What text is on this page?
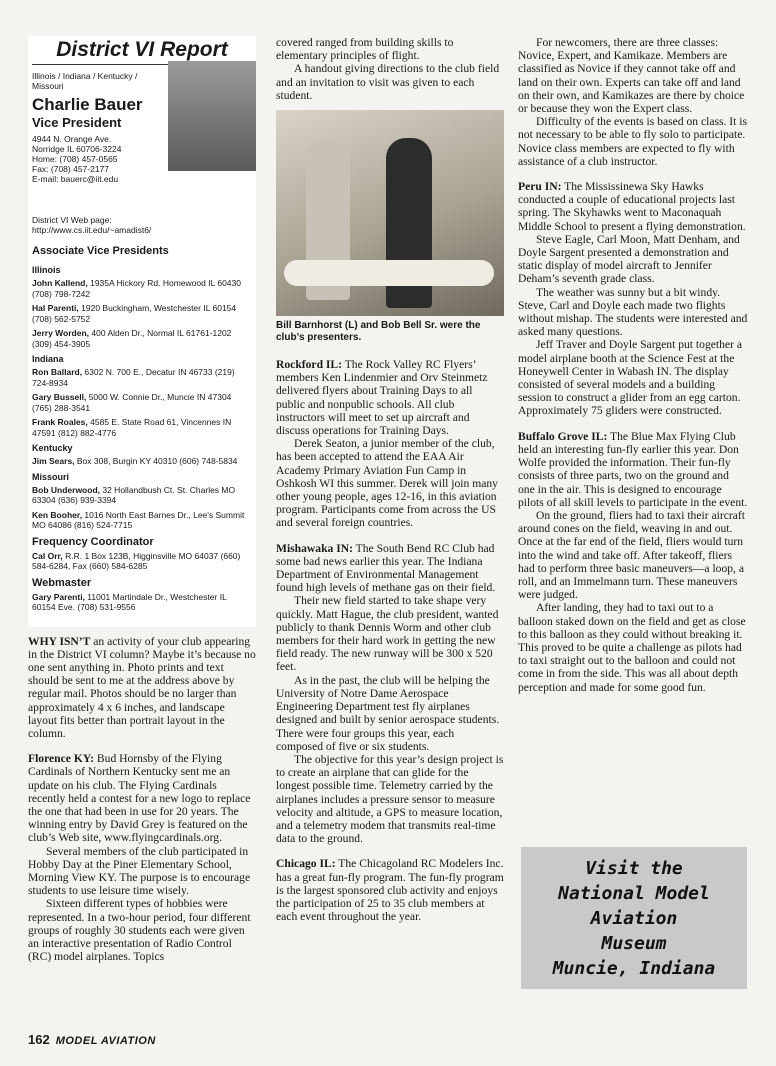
District VI Report
Illinois / Indiana / Kentucky / Missouri
Charlie Bauer
Vice President
4944 N. Orange Ave.
Norridge IL 60706-3224
Home: (708) 457-0565
Fax: (708) 457-2177
E-mail: bauerc@iit.edu
District VI Web page:
http://www.cs.iit.edu/~amadist6/
Associate Vice Presidents
Illinois
John Kallend, 1935A Hickory Rd. Homewood IL 60430 (708) 798-7242
Hal Parenti, 1920 Buckingham, Westchester IL 60154 (708) 562-5752
Jerry Worden, 400 Alden Dr., Normal IL 61761-1202 (309) 454-3905
Indiana
Ron Ballard, 6302 N. 700 E., Decatur IN 46733 (219) 724-8934
Gary Bussell, 5000 W. Connie Dr., Muncie IN 47304 (765) 288-3541
Frank Roales, 4585 E. State Road 61, Vincennes IN 47591 (812) 882-4776
Kentucky
Jim Sears, Box 308, Burgin KY 40310 (606) 748-5834
Missouri
Bob Underwood, 32 Hollandbush Ct. St. Charles MO 63304 (636) 939-3394
Ken Booher, 1016 North East Barnes Dr., Lee's Summit MO 64086 (816) 524-7715
Frequency Coordinator
Cal Orr, R.R. 1 Box 123B, Higginsville MO 64037 (660) 584-6284, Fax (660) 584-6285
Webmaster
Gary Parenti, 11001 Martindale Dr., Westchester IL 60154 Eve. (708) 531-9556

WHY ISN’T an activity of your club appearing in the District VI column? Maybe it’s because no one sent anything in. Photo prints and text should be sent to me at the address above by regular mail. Photos should be no larger than approximately 4 x 6 inches, and landscape layout fits better than portrait layout in the column.

Florence KY: Bud Hornsby of the Flying Cardinals of Northern Kentucky sent me an update on his club. The Flying Cardinals recently held a contest for a new logo to replace the one that had been in use for 20 years. The winning entry by David Grey is featured on the club’s Web site, www.flyingcardinals.org.

Several members of the club participated in Hobby Day at the Piner Elementary School, Morning View KY. The purpose is to encourage students to use leisure time wisely.

Sixteen different types of hobbies were represented. In a two-hour period, four different groups of roughly 30 students each were given an interactive presentation of Radio Control (RC) model airplanes. Topics

covered ranged from building skills to elementary principles of flight.

A handout giving directions to the club field and an invitation to visit was given to each student.

Bill Barnhorst (L) and Bob Bell Sr. were the club’s presenters.

Rockford IL: The Rock Valley RC Flyers’ members Ken Lindenmier and Orv Steinmetz delivered flyers about Training Days to all public and nonpublic schools. All club instructors will meet to set up aircraft and discuss operations for Training Days.

Derek Seaton, a junior member of the club, has been accepted to attend the EAA Air Academy Primary Aviation Fun Camp in Oshkosh WI this summer. Derek will join many other young people, ages 12-16, in this aviation program. Participants come from across the US and several foreign countries.

Mishawaka IN: The South Bend RC Club had some bad news earlier this year. The Indiana Department of Environmental Management found high levels of methane gas on their field.

Their new field started to take shape very quickly. Matt Hague, the club president, wanted publicly to thank Dennis Worm and other club members for their hard work in getting the new field ready. The new runway will be 300 x 520 feet.

As in the past, the club will be helping the University of Notre Dame Aerospace Engineering Department test fly airplanes designed and built by senior aerospace students. There were four groups this year, each composed of five or six students.

The objective for this year’s design project is to create an airplane that can glide for the longest possible time. Telemetry carried by the airplanes includes a pressure sensor to measure velocity and altitude, a GPS to measure location, and a telemetry modem that transmits real-time data to the ground.

Chicago IL: The Chicagoland RC Modelers Inc. has a great fun-fly program. The fun-fly program is the largest sponsored club activity and enjoys the participation of 25 to 35 club members at each event throughout the year.

For newcomers, there are three classes: Novice, Expert, and Kamikaze. Members are classified as Novice if they cannot take off and land on their own. Experts can take off and land on their own, and Kamikazes are there by choice or because they won the Expert class.

Difficulty of the events is based on class. It is not necessary to be able to fly solo to participate. Novice class members are expected to fly with assistance of a club instructor.

Peru IN: The Mississinewa Sky Hawks conducted a couple of educational projects last spring. The Skyhawks went to Maconaquah Middle School to present a flying demonstration.

Steve Eagle, Carl Moon, Matt Denham, and Doyle Sargent presented a demonstration and static display of model aircraft to Jennifer Deham’s seventh grade class.

The weather was sunny but a bit windy. Steve, Carl and Doyle each made two flights without mishap. The students were interested and asked many questions.

Jeff Traver and Doyle Sargent put together a model airplane booth at the Science Fest at the Honeywell Center in Wabash IN. The display consisted of several models and a building session to construct a glider from an egg carton. Approximately 75 gliders were constructed.

Buffalo Grove IL: The Blue Max Flying Club held an interesting fun-fly earlier this year. Don Wolfe provided the information. Their fun-fly consists of three parts, two on the ground and one in the air. This is designed to encourage pilots of all skill levels to participate in the event.

On the ground, fliers had to taxi their aircraft around cones on the field, weaving in and out. Once at the far end of the field, fliers would turn into the wind and take off. After takeoff, fliers had to perform three basic maneuvers—a loop, a roll, and an Immelmann turn. These maneuvers were judged.

After landing, they had to taxi out to a balloon staked down on the field and get as close to this balloon as they could without breaking it. This proved to be quite a challenge as pilots had to taxi straight out to the balloon and could not come in from the side. This was all about depth perception and made for some good fun.

Visit the
National Model
Aviation
Museum
Muncie, Indiana
162 MODEL AVIATION
